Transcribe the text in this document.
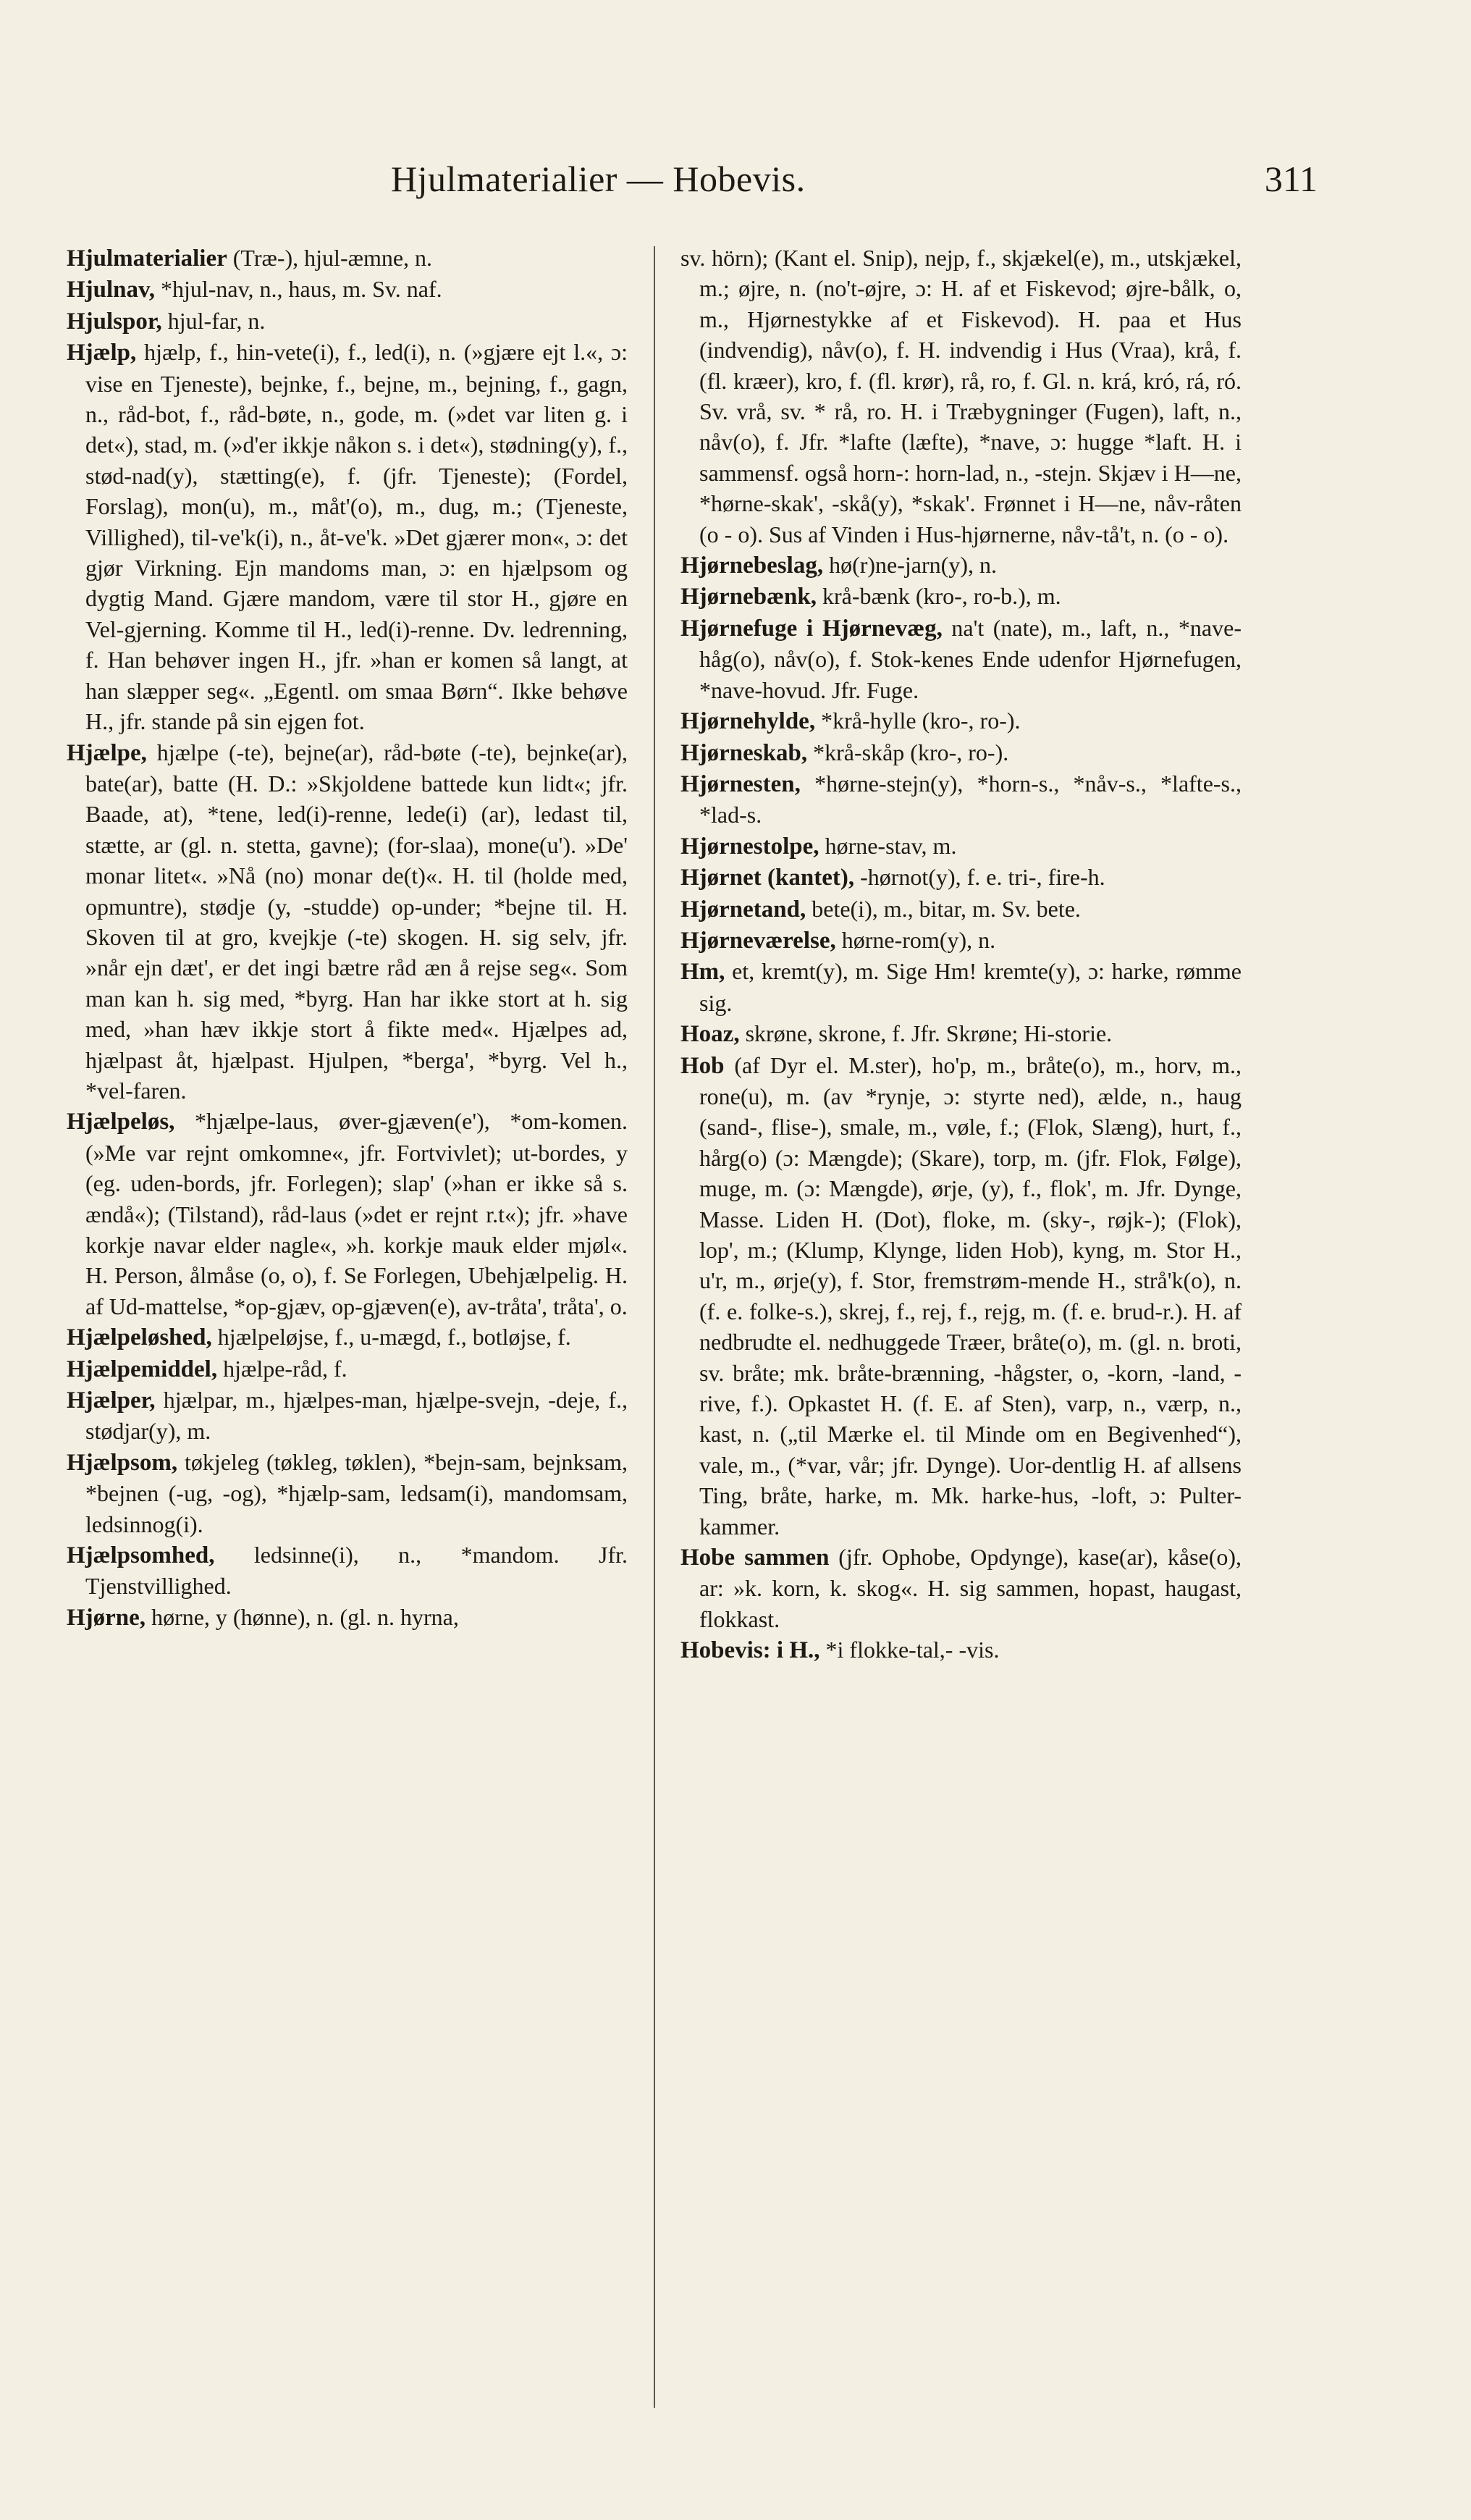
Hjulmaterialier — Hobevis.	311

Hjulmaterialier (Træ-), hjul-æmne, n.

Hjulnav, *hjul-nav, n., haus, m. Sv. naf.

Hjulspor, hjul-far, n.

Hjælp, hjælp, f., hin-vete(i), f., led(i), n. (»gjære ejt l.«, ɔ: vise en Tjeneste), bejnke, f., bejne, m., bejning, f., gagn, n., råd-bot, f., råd-bøte, n., gode, m. (»det var liten g. i det«), stad, m. (»d'er ikkje nåkon s. i det«), stødning(y), f., stød-nad(y), stætting(e), f. (jfr. Tjeneste); (Fordel, Forslag), mon(u), m., måt'(o), m., dug, m.; (Tjeneste, Villighed), til-ve'k(i), n., åt-ve'k. »Det gjærer mon«, ɔ: det gjør Virkning. Ejn mandoms man, ɔ: en hjælpsom og dygtig Mand. Gjære mandom, være til stor H., gjøre en Vel-gjerning. Komme til H., led(i)-renne. Dv. ledrenning, f. Han behøver ingen H., jfr. »han er komen så langt, at han slæpper seg«. „Egentl. om smaa Børn“. Ikke behøve H., jfr. stande på sin ejgen fot.

Hjælpe, hjælpe (-te), bejne(ar), råd-bøte (-te), bejnke(ar), bate(ar), batte (H. D.: »Skjoldene battede kun lidt«; jfr. Baade, at), *tene, led(i)-renne, lede(i) (ar), ledast til, stætte, ar (gl. n. stetta, gavne); (for-slaa), mone(u'). »De' monar litet«. »Nå (no) monar de(t)«. H. til (holde med, opmuntre), stødje (y, -studde) op-under; *bejne til. H. Skoven til at gro, kvejkje (-te) skogen. H. sig selv, jfr. »når ejn dæt', er det ingi bætre råd æn å rejse seg«. Som man kan h. sig med, *byrg. Han har ikke stort at h. sig med, »han hæv ikkje stort å fikte med«. Hjælpes ad, hjælpast åt, hjælpast. Hjulpen, *berga', *byrg. Vel h., *vel-faren.

Hjælpeløs, *hjælpe-laus, øver-gjæven(e'), *om-komen. (»Me var rejnt omkomne«, jfr. Fortvivlet); ut-bordes, y (eg. uden-bords, jfr. Forlegen); slap' (»han er ikke så s. ændå«); (Tilstand), råd-laus (»det er rejnt r.t«); jfr. »have korkje navar elder nagle«, »h. korkje mauk elder mjøl«. H. Person, ålmåse (o, o), f. Se Forlegen, Ubehjælpelig. H. af Ud-mattelse, *op-gjæv, op-gjæven(e), av-tråta', tråta', o.

Hjælpeløshed, hjælpeløjse, f., u-mægd, f., botløjse, f.

Hjælpemiddel, hjælpe-råd, f.

Hjælper, hjælpar, m., hjælpes-man, hjælpe-svejn, -deje, f., stødjar(y), m.

Hjælpsom, tøkjeleg (tøkleg, tøklen), *bejn-sam, bejnksam, *bejnen (-ug, -og), *hjælp-sam, ledsam(i), mandomsam, ledsinnog(i).

Hjælpsomhed, ledsinne(i), n., *mandom. Jfr. Tjenstvillighed.

Hjørne, hørne, y (hønne), n. (gl. n. hyrna,

sv. hörn); (Kant el. Snip), nejp, f., skjækel(e), m., utskjækel, m.; øjre, n. (no't-øjre, ɔ: H. af et Fiskevod; øjre-bålk, o, m., Hjørnestykke af et Fiskevod). H. paa et Hus (indvendig), nåv(o), f. H. indvendig i Hus (Vraa), krå, f. (fl. kræer), kro, f. (fl. krør), rå, ro, f. Gl. n. krá, kró, rá, ró. Sv. vrå, sv. * rå, ro. H. i Træbygninger (Fugen), laft, n., nåv(o), f. Jfr. *lafte (læfte), *nave, ɔ: hugge *laft. H. i sammensf. også horn-: horn-lad, n., -stejn. Skjæv i H—ne, *hørne-skak', -skå(y), *skak'. Frønnet i H—ne, nåv-råten (o - o). Sus af Vinden i Hus-hjørnerne, nåv-tå't, n. (o - o).

Hjørnebeslag, hø(r)ne-jarn(y), n.

Hjørnebænk, krå-bænk (kro-, ro-b.), m.

Hjørnefuge i Hjørnevæg, na't (nate), m., laft, n., *nave-håg(o), nåv(o), f. Stok-kenes Ende udenfor Hjørnefugen, *nave-hovud. Jfr. Fuge.

Hjørnehylde, *krå-hylle (kro-, ro-).

Hjørneskab, *krå-skåp (kro-, ro-).

Hjørnesten, *hørne-stejn(y), *horn-s., *nåv-s., *lafte-s., *lad-s.

Hjørnestolpe, hørne-stav, m.

Hjørnet (kantet), -hørnot(y), f. e. tri-, fire-h.

Hjørnetand, bete(i), m., bitar, m. Sv. bete.

Hjørneværelse, hørne-rom(y), n.

Hm, et, kremt(y), m. Sige Hm! kremte(y), ɔ: harke, rømme sig.

Hoaz, skrøne, skrone, f. Jfr. Skrøne; Hi-storie.

Hob (af Dyr el. M.ster), ho'p, m., bråte(o), m., horv, m., rone(u), m. (av *rynje, ɔ: styrte ned), ælde, n., haug (sand-, flise-), smale, m., vøle, f.; (Flok, Slæng), hurt, f., hårg(o) (ɔ: Mængde); (Skare), torp, m. (jfr. Flok, Følge), muge, m. (ɔ: Mængde), ørje, (y), f., flok', m. Jfr. Dynge, Masse. Liden H. (Dot), floke, m. (sky-, røjk-); (Flok), lop', m.; (Klump, Klynge, liden Hob), kyng, m. Stor H., u'r, m., ørje(y), f. Stor, fremstrøm-mende H., strå'k(o), n. (f. e. folke-s.), skrej, f., rej, f., rejg, m. (f. e. brud-r.). H. af nedbrudte el. nedhuggede Træer, bråte(o), m. (gl. n. broti, sv. bråte; mk. bråte-brænning, -hågster, o, -korn, -land, -rive, f.). Opkastet H. (f. E. af Sten), varp, n., værp, n., kast, n. („til Mærke el. til Minde om en Begivenhed“), vale, m., (*var, vår; jfr. Dynge). Uor-dentlig H. af allsens Ting, bråte, harke, m. Mk. harke-hus, -loft, ɔ: Pulter-kammer.

Hobe sammen (jfr. Ophobe, Opdynge), kase(ar), kåse(o), ar: »k. korn, k. skog«. H. sig sammen, hopast, haugast, flokkast.

Hobevis: i H., *i flokke-tal,- -vis.
